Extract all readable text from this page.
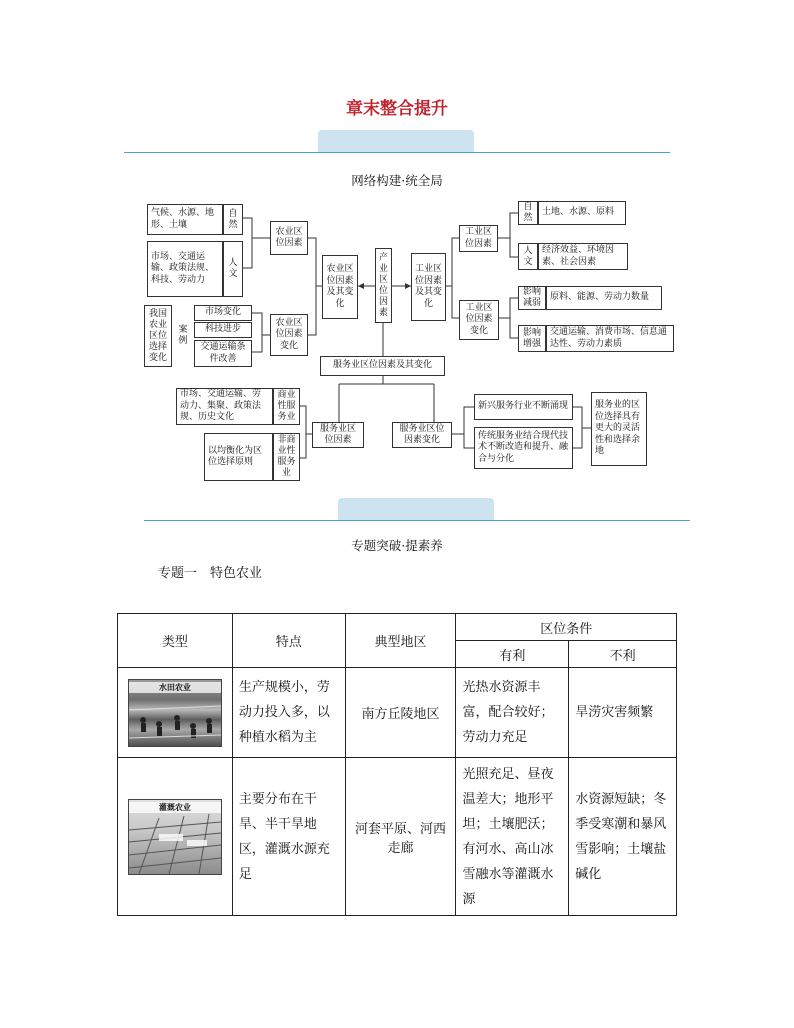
章末整合提升
网络构建·统全局
气候、水源、地形、土壤
自然
市场、交通运输、政策法规、科技、劳动力
人文
农业区位因素
我国农业区位选择变化
案例
市场变化
科技进步
交通运输条件改善
农业区位因素变化
农业区位因素及其变化
产业区位因素
工业区位因素及其变化
工业区位因素
自然
土地、水源、原料
人文
经济效益、环境因素、社会因素
工业区位因素变化
影响减弱
原料、能源、劳动力数量
影响增强
交通运输、消费市场、信息通达性、劳动力素质
服务业区位因素及其变化
市场、交通运输、劳动力、集聚、政策法规、历史文化
商业性服务业
以均衡化为区位选择原则
非商业性服务业
服务业区位因素
服务业区位因素变化
新兴服务行业不断涌现
传统服务业结合现代技术不断改造和提升、融合与分化
服务业的区位选择具有更大的灵活性和选择余地
专题突破·提素养
专题一　特色农业
类型	特点	典型地区	区位条件	
			有利	不利

水田农业	生产规模小，劳动力投入多，以种植水稻为主	南方丘陵地区	光热水资源丰富，配合较好；劳动力充足	旱涝灾害频繁

灌溉农业	主要分布在干旱、半干旱地区，灌溉水源充足	河套平原、河西走廊	光照充足、昼夜温差大；地形平坦；土壤肥沃；有河水、高山冰雪融水等灌溉水源	水资源短缺；冬季受寒潮和暴风雪影响；土壤盐碱化
